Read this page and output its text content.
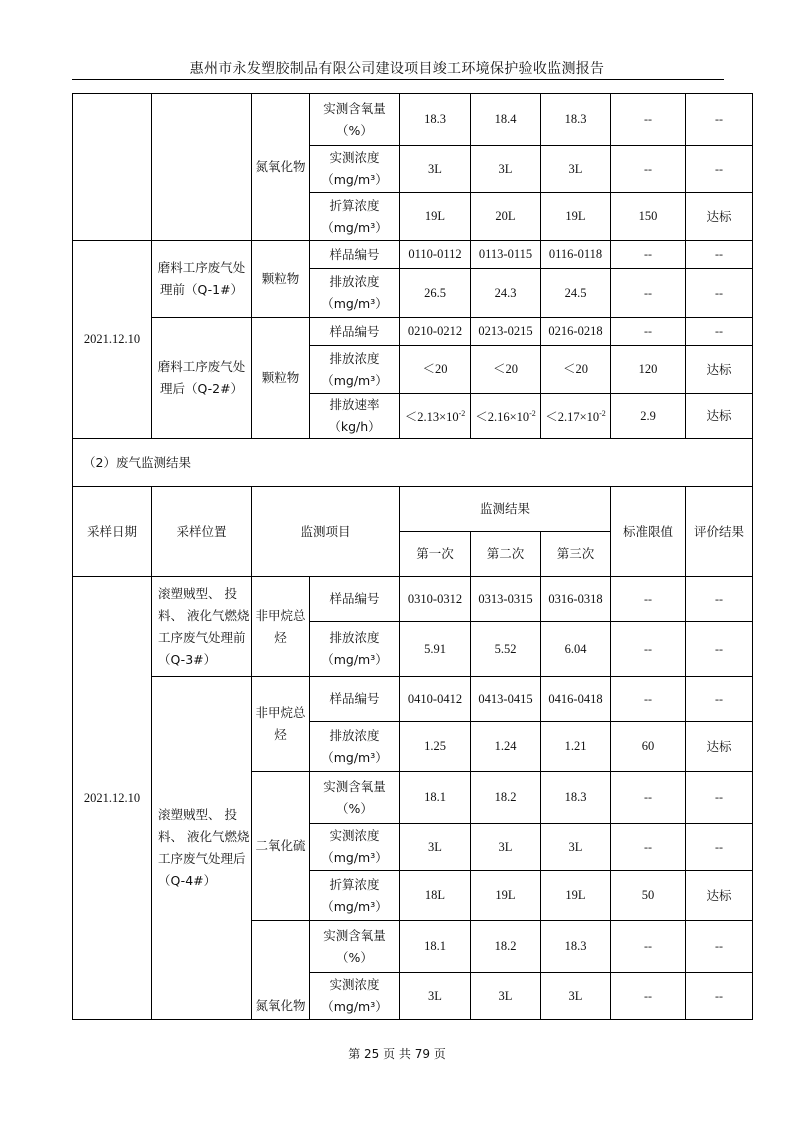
惠州市永发塑胶制品有限公司建设项目竣工环境保护验收监测报告
		氮氧化物	实测含氧量（%）	18.3	18.4	18.3	--	--
			实测浓度（mg/m³）	3L	3L	3L	--	--
			折算浓度（mg/m³）	19L	20L	19L	150	达标
2021.12.10	磨料工序废气处理前（Q-1#）	颗粒物	样品编号	0110-0112	0113-0115	0116-0118	--	--
			排放浓度（mg/m³）	26.5	24.3	24.5	--	--
	磨料工序废气处理后（Q-2#）	颗粒物	样品编号	0210-0212	0213-0215	0216-0218	--	--
			排放浓度（mg/m³）	＜20	＜20	＜20	120	达标
			排放速率（kg/h）	$<2.13\times 10^{-2}$	$<2.16\times 10^{-2}$	$<2.17\times 10^{-2}$	2.9	达标
（2）废气监测结果								
采样日期	采样位置	监测项目		监测结果			标准限值	评价结果
				第一次	第二次	第三次		
2021.12.10	滚塑贼型、 投料、 液化气燃烧工序废气处理前（Q-3#）	非甲烷总烃	样品编号	0310-0312	0313-0315	0316-0318	--	--
			排放浓度（mg/m³）	5.91	5.52	6.04	--	--
	滚塑贼型、 投料、 液化气燃烧工序废气处理后（Q-4#）	非甲烷总烃	样品编号	0410-0412	0413-0415	0416-0418	--	--
			排放浓度（mg/m³）	1.25	1.24	1.21	60	达标
		二氧化硫	实测含氧量（%）	18.1	18.2	18.3	--	--
			实测浓度（mg/m³）	3L	3L	3L	--	--
			折算浓度（mg/m³）	18L	19L	19L	50	达标
		氮氧化物	实测含氧量（%）	18.1	18.2	18.3	--	--
			实测浓度（mg/m³）	3L	3L	3L	--	--
第 25 页 共 79 页
